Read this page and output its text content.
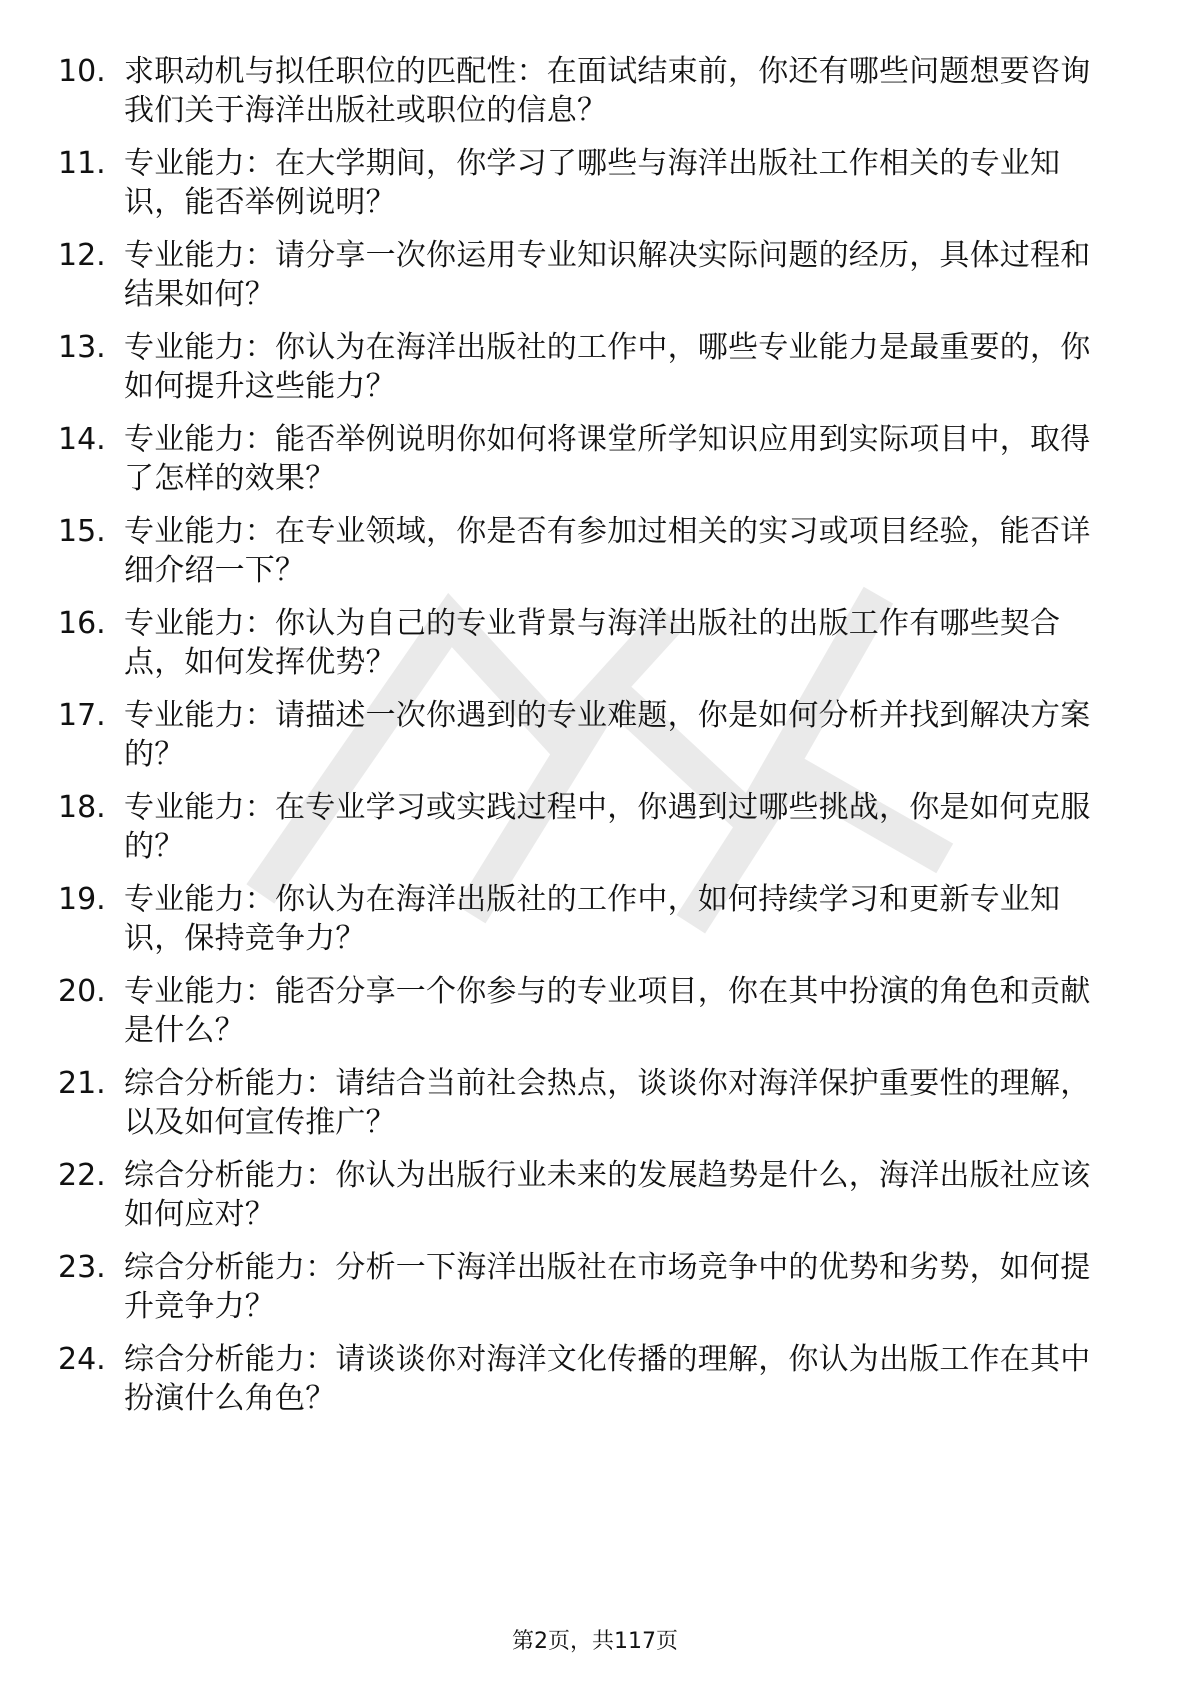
10. 求职动机与拟任职位的匹配性：在面试结束前，你还有哪些问题想要咨询我们关于海洋出版社或职位的信息？
11. 专业能力：在大学期间，你学习了哪些与海洋出版社工作相关的专业知识，能否举例说明？
12. 专业能力：请分享一次你运用专业知识解决实际问题的经历，具体过程和结果如何？
13. 专业能力：你认为在海洋出版社的工作中，哪些专业能力是最重要的，你如何提升这些能力？
14. 专业能力：能否举例说明你如何将课堂所学知识应用到实际项目中，取得了怎样的效果？
15. 专业能力：在专业领域，你是否有参加过相关的实习或项目经验，能否详细介绍一下？
16. 专业能力：你认为自己的专业背景与海洋出版社的出版工作有哪些契合点，如何发挥优势？
17. 专业能力：请描述一次你遇到的专业难题，你是如何分析并找到解决方案的？
18. 专业能力：在专业学习或实践过程中，你遇到过哪些挑战，你是如何克服的？
19. 专业能力：你认为在海洋出版社的工作中，如何持续学习和更新专业知识，保持竞争力？
20. 专业能力：能否分享一个你参与的专业项目，你在其中扮演的角色和贡献是什么？
21. 综合分析能力：请结合当前社会热点，谈谈你对海洋保护重要性的理解，以及如何宣传推广？
22. 综合分析能力：你认为出版行业未来的发展趋势是什么，海洋出版社应该如何应对？
23. 综合分析能力：分析一下海洋出版社在市场竞争中的优势和劣势，如何提升竞争力？
24. 综合分析能力：请谈谈你对海洋文化传播的理解，你认为出版工作在其中扮演什么角色？
第2页，共117页
